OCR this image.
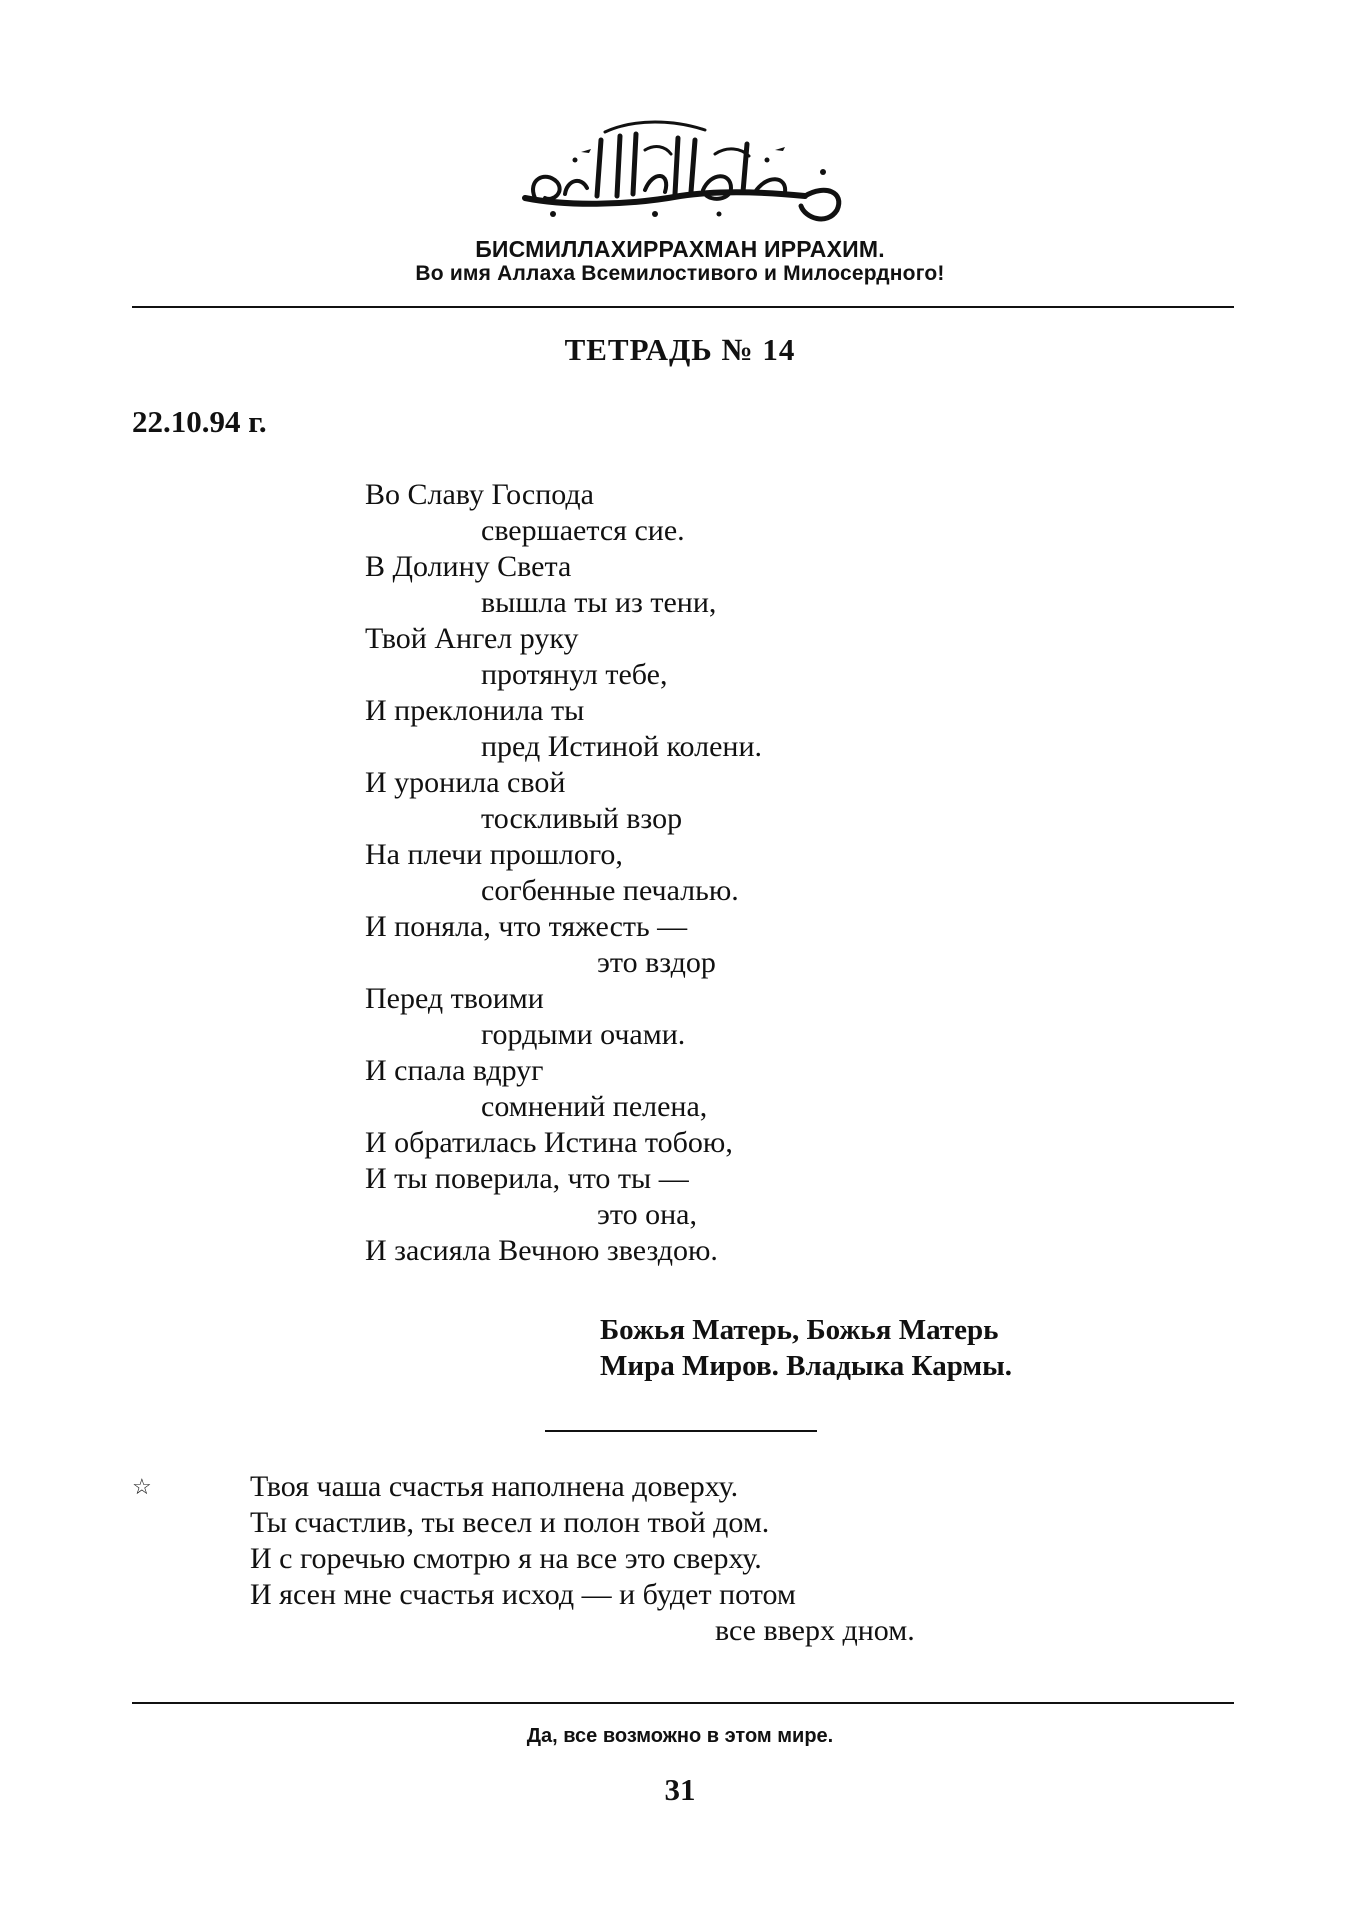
БИСМИЛЛАХИРРАХМАН ИРРАХИМ.
Во имя Аллаха Всемилостивого и Милосердного!
ТЕТРАДЬ № 14
22.10.94 г.
Во Славу Господа
свершается сие.
В Долину Света
вышла ты из тени,
Твой Ангел руку
протянул тебе,
И преклонила ты
пред Истиной колени.
И уронила свой
тоскливый взор
На плечи прошлого,
согбенные печалью.
И поняла, что тяжесть —
это вздор
Перед твоими
гордыми очами.
И спала вдруг
сомнений пелена,
И обратилась Истина тобою,
И ты поверила, что ты —
это она,
И засияла Вечною звездою.
Божья Матерь, Божья Матерь
Мира Миров. Владыка Кармы.
☆	Твоя чаша счастья наполнена доверху.
Ты счастлив, ты весел и полон твой дом.
И с горечью смотрю я на все это сверху.
И ясен мне счастья исход — и будет потом
все вверх дном.
Да, все возможно в этом мире.
31
